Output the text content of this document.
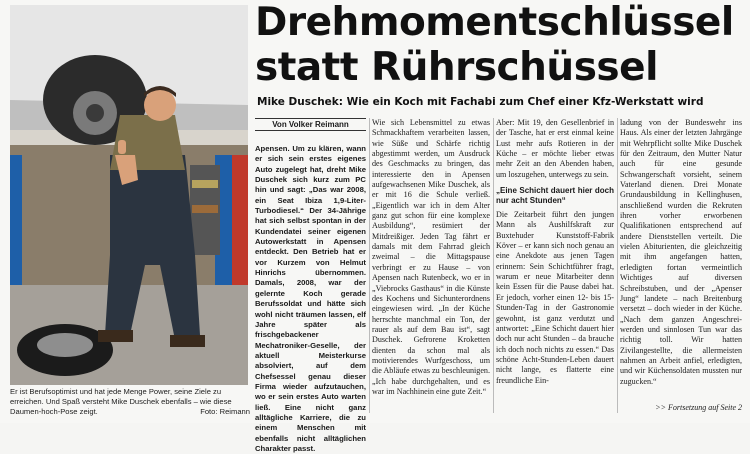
Er ist Berufsoptimist und hat jede Menge Power, seine Ziele zu erreichen. Und Spaß versteht Mike Duschek ebenfalls – wie diese Daumen-hoch-Pose zeigt.	Foto: Reimann
Drehmomentschlüssel
statt Rührschüssel
Mike Duschek: Wie ein Koch mit Fachabi zum Chef einer Kfz-Werkstatt wird
Von Volker Reimann

Apensen. Um zu klären, wann er sich sein erstes eigenes Auto zugelegt hat, dreht Mike Duschek sich kurz zum PC hin und sagt: „Das war 2008, ein Seat Ibiza 1,9-Liter-Turbodiesel.“ Der 34-Jährige hat sich selbst spontan in der Kundendatei seiner eigenen Autowerkstatt in Apensen entdeckt. Den Betrieb hat er vor Kurzem von Helmut Hinrichs übernommen. Damals, 2008, war der gelernte Koch gerade Berufssoldat und hätte sich wohl nicht träumen lassen, elf Jahre später als frischgebackener Mechatroniker-Geselle, der aktuell Meisterkurse absolviert, auf dem Chefsessel genau dieser Firma wieder aufzutauchen, wo er sein erstes Auto warten ließ. Eine nicht ganz alltägliche Karriere, die zu einem Menschen mit ebenfalls nicht alltäglichen Charakter passt.

Wie sich Lebensmittel zu etwas Schmackhaftem verarbeiten lassen, wie Süße und Schärfe richtig abgestimmt werden, um Ausdruck des Geschmacks zu bringen, das interessierte den in Apensen aufgewachsenen Mike Duschek, als er mit 16 die Schule verließ. „Eigentlich war ich in dem Alter ganz gut schon für eine komplexe Ausbildung“, resümiert der Mitdreißiger. Jeden Tag fährt er damals mit dem Fahrrad gleich zweimal – die Mittagspause verbringt er zu Hause – von Apensen nach Rutenbeck, wo er in „Viebrocks Gasthaus“ in die Künste des Kochens und Sichunterordnens eingewiesen wird. „In der Küche herrschte manchmal ein Ton, der rauer als auf dem Bau ist“, sagt Duschek. Gefrorene Kroketten dienten da schon mal als motivierendes Wurfgeschoss, um die Abläufe etwas zu beschleunigen. „Ich habe durchgehalten, und es war im Nachhinein eine gute Zeit.“

Aber: Mit 19, den Gesellenbrief in der Tasche, hat er erst einmal keine Lust mehr aufs Rotieren in der Küche – er möchte lieber etwas mehr Zeit an den Abenden haben, um loszugehen, unterwegs zu sein.

„Eine Schicht dauert hier doch nur acht Stunden“

Die Zeitarbeit führt den jungen Mann als Aushilfskraft zur Buxtehuder Kunststoff-Fabrik Köver – er kann sich noch genau an eine Anekdote aus jenen Tagen erinnern: Sein Schichtführer fragt, warum er neue Mitarbeiter denn kein Essen für die Pause dabei hat. Er jedoch, vorher einen 12- bis 15-Stunden-Tag in der Gastronomie gewohnt, ist ganz verdutzt und antwortet: „Eine Schicht dauert hier doch nur acht Stunden – da brauche ich doch noch nichts zu essen.“ Das schöne Acht-Stunden-Leben dauert nicht lange, es flatterte eine freundliche Ein-

ladung von der Bundeswehr ins Haus. Als einer der letzten Jahrgänge mit Wehrpflicht sollte Mike Duschek für den Zeitraum, den Mutter Natur auch für eine gesunde Schwangerschaft vorsieht, seinem Vaterland dienen. Drei Monate Grundausbildung in Kellinghusen, anschließend wurden die Rekruten ihren vorher erworbenen Qualifikationen entsprechend auf andere Dienststellen verteilt. Die vielen Abiturienten, die gleichzeitig mit ihm angefangen hatten, erledigten fortan vermeintlich Wichtiges auf diversen Schreibstuben, und der „Apenser Jung“ landete – nach Breitenburg versetzt – doch wieder in der Küche. „Nach dem ganzen Angeschreiwerden und sinnlosen Tun war das richtig toll. Wir hatten Zivilangestellte, die allermeisten nahmen an Arbeit anfiel, erledigten, und wir Küchensoldaten mussten nur zugucken.“

>> Fortsetzung auf Seite 2
